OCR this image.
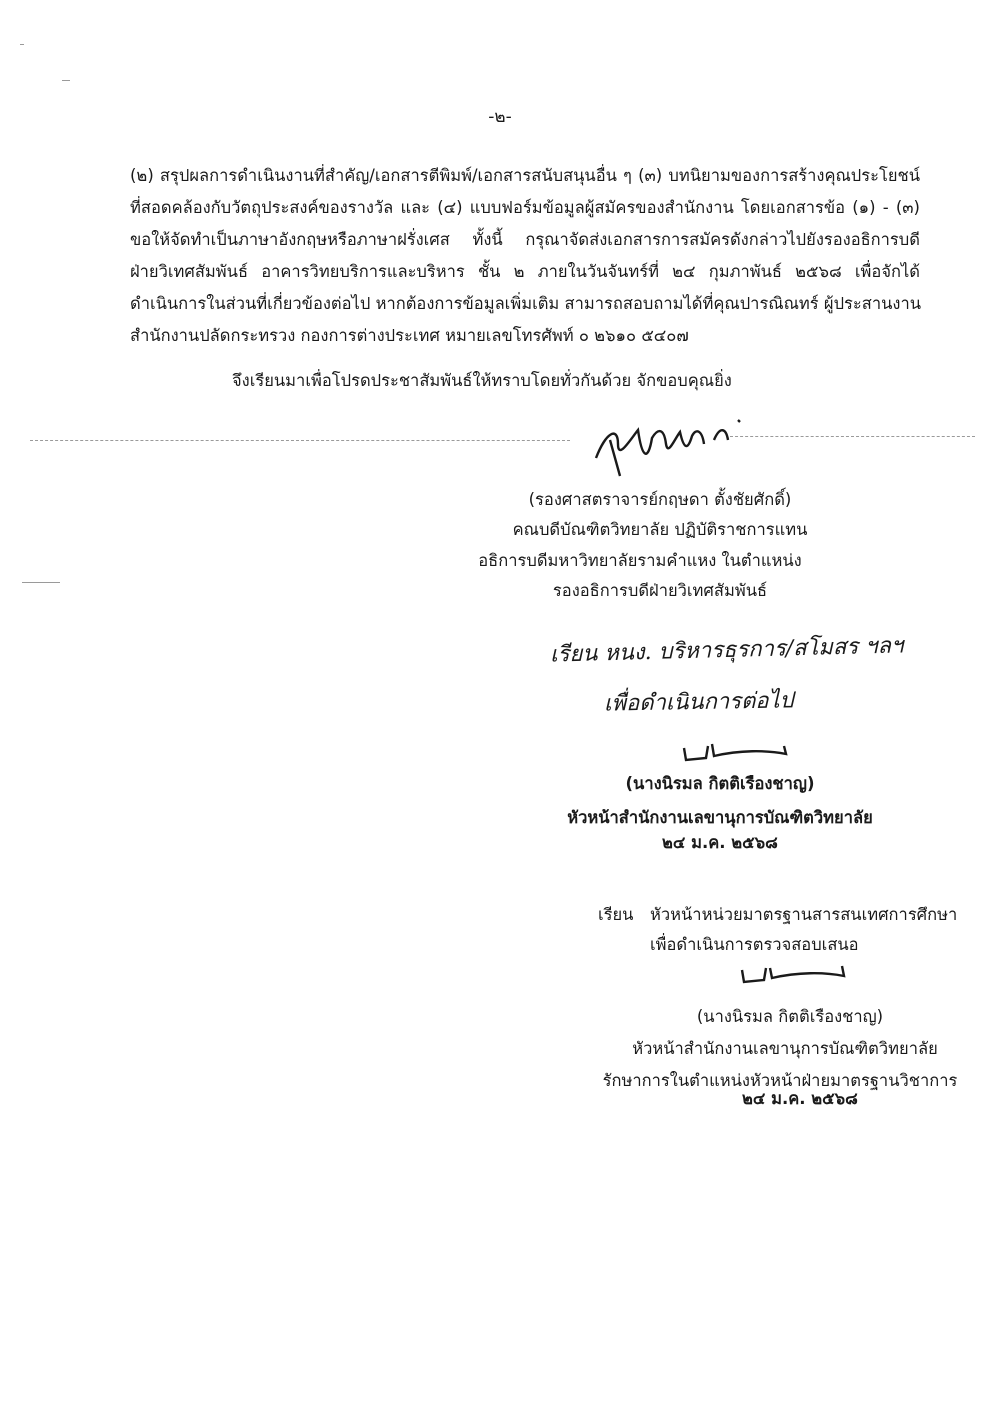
-๒-
(๒) สรุปผลการดำเนินงานที่สำคัญ/เอกสารตีพิมพ์/เอกสารสนับสนุนอื่น ๆ (๓) บทนิยามของการสร้างคุณประโยชน์
ที่สอดคล้องกับวัตถุประสงค์ของรางวัล และ (๔) แบบฟอร์มข้อมูลผู้สมัครของสำนักงาน โดยเอกสารข้อ (๑) - (๓)
ขอให้จัดทำเป็นภาษาอังกฤษหรือภาษาฝรั่งเศส ทั้งนี้ กรุณาจัดส่งเอกสารการสมัครดังกล่าวไปยังรองอธิการบดี
ฝ่ายวิเทศสัมพันธ์ อาคารวิทยบริการและบริหาร ชั้น ๒ ภายในวันจันทร์ที่ ๒๔ กุมภาพันธ์ ๒๕๖๘ เพื่อจักได้
ดำเนินการในส่วนที่เกี่ยวข้องต่อไป หากต้องการข้อมูลเพิ่มเติม สามารถสอบถามได้ที่คุณปารณิณทร์ ผู้ประสานงาน
สำนักงานปลัดกระทรวง กองการต่างประเทศ หมายเลขโทรศัพท์ ๐ ๒๖๑๐ ๕๔๐๗
จึงเรียนมาเพื่อโปรดประชาสัมพันธ์ให้ทราบโดยทั่วกันด้วย จักขอบคุณยิ่ง
(รองศาสตราจารย์กฤษดา ตั้งชัยศักดิ์)
คณบดีบัณฑิตวิทยาลัย ปฏิบัติราชการแทน
อธิการบดีมหาวิทยาลัยรามคำแหง ในตำแหน่ง
รองอธิการบดีฝ่ายวิเทศสัมพันธ์
เรียน หนง. บริหารธุรการ/สโมสร ฯลฯ
เพื่อดำเนินการต่อไป
(นางนิรมล กิตติเรืองชาญ)
หัวหน้าสำนักงานเลขานุการบัณฑิตวิทยาลัย
๒๔ ม.ค. ๒๕๖๘
เรียน หัวหน้าหน่วยมาตรฐานสารสนเทศการศึกษา
เพื่อดำเนินการตรวจสอบเสนอ
(นางนิรมล กิตติเรืองชาญ)
หัวหน้าสำนักงานเลขานุการบัณฑิตวิทยาลัย
รักษาการในตำแหน่งหัวหน้าฝ่ายมาตรฐานวิชาการ
๒๔ ม.ค. ๒๕๖๘
